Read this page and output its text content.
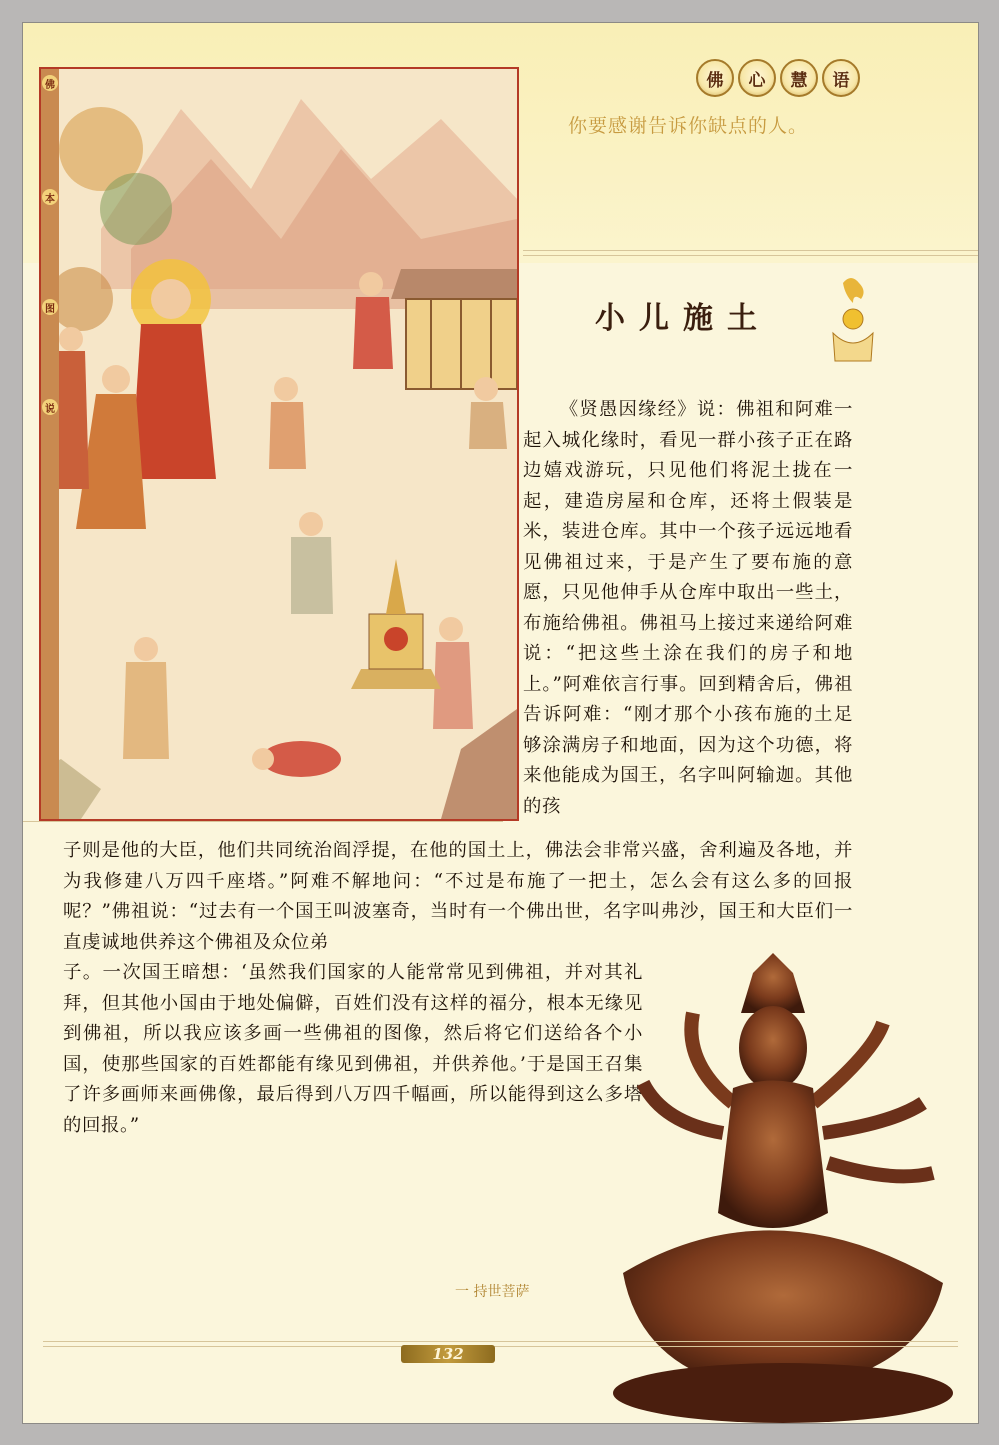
佛	心	慧	语
你要感谢告诉你缺点的人。
佛
本
图
说
小儿施土
《贤愚因缘经》说：佛祖和阿难一起入城化缘时，看见一群小孩子正在路边嬉戏游玩，只见他们将泥土拢在一起，建造房屋和仓库，还将土假装是米，装进仓库。其中一个孩子远远地看见佛祖过来，于是产生了要布施的意愿，只见他伸手从仓库中取出一些土，布施给佛祖。佛祖马上接过来递给阿难说：“把这些土涂在我们的房子和地上。”阿难依言行事。回到精舍后，佛祖告诉阿难：“刚才那个小孩布施的土足够涂满房子和地面，因为这个功德，将来他能成为国王，名字叫阿输迦。其他的孩
子则是他的大臣，他们共同统治阎浮提，在他的国土上，佛法会非常兴盛，舍利遍及各地，并为我修建八万四千座塔。”阿难不解地问：“不过是布施了一把土，怎么会有这么多的回报呢？”佛祖说：“过去有一个国王叫波塞奇，当时有一个佛出世，名字叫弗沙，国王和大臣们一直虔诚地供养这个佛祖及众位弟
子。一次国王暗想：‘虽然我们国家的人能常常见到佛祖，并对其礼拜，但其他小国由于地处偏僻，百姓们没有这样的福分，根本无缘见到佛祖，所以我应该多画一些佛祖的图像，然后将它们送给各个小国，使那些国家的百姓都能有缘见到佛祖，并供养他。’于是国王召集了许多画师来画佛像，最后得到八万四千幅画，所以能得到这么多塔的回报。”
一 持世菩萨
132
